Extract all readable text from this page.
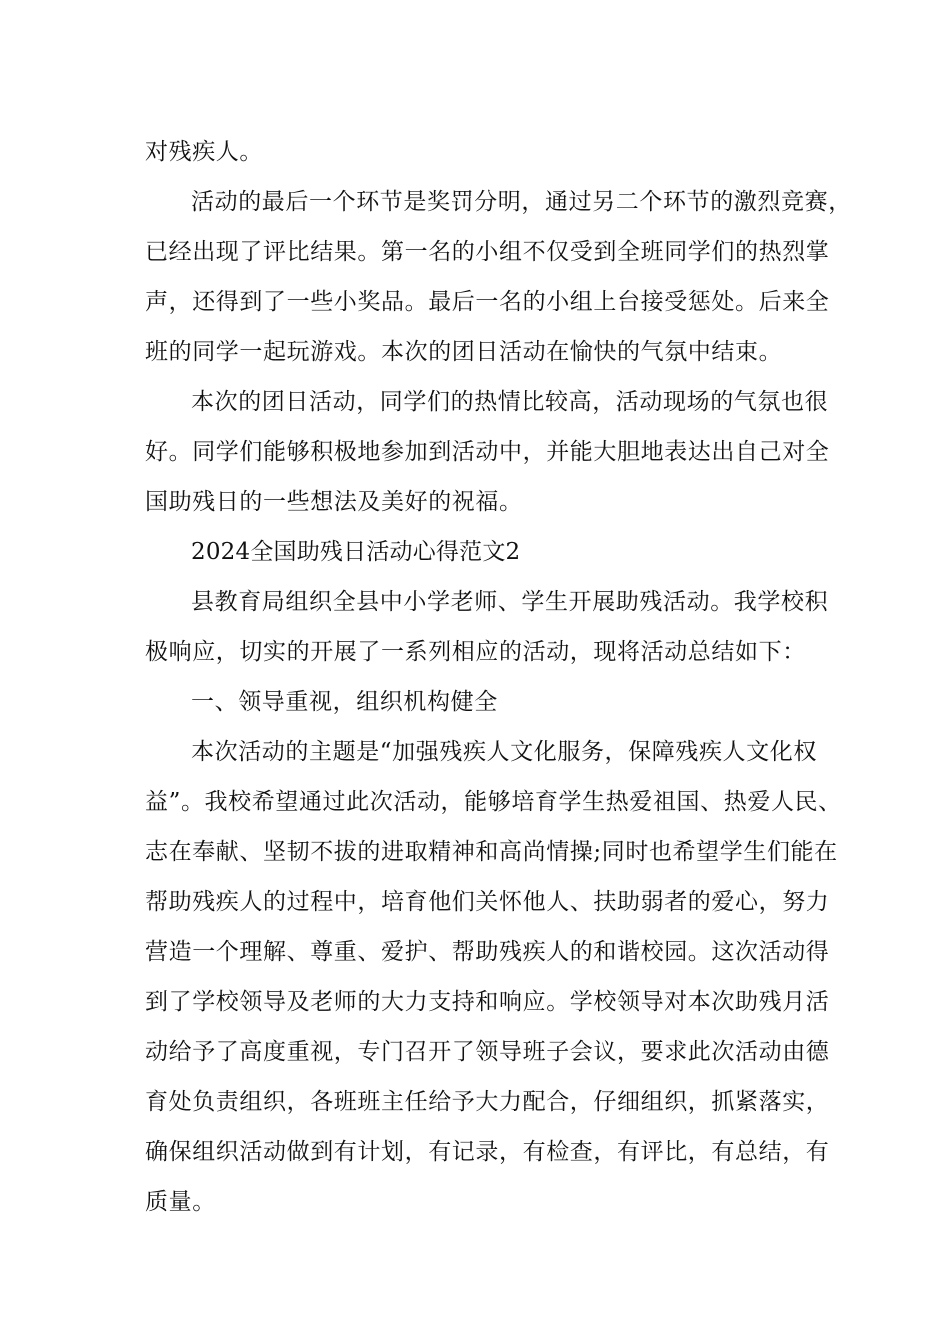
对残疾人。
活动的最后一个环节是奖罚分明，通过另二个环节的激烈竞赛，
已经出现了评比结果。第一名的小组不仅受到全班同学们的热烈掌
声，还得到了一些小奖品。最后一名的小组上台接受惩处。后来全
班的同学一起玩游戏。本次的团日活动在愉快的气氛中结束。
本次的团日活动，同学们的热情比较高，活动现场的气氛也很
好。同学们能够积极地参加到活动中，并能大胆地表达出自己对全
国助残日的一些想法及美好的祝福。
2024全国助残日活动心得范文2
县教育局组织全县中小学老师、学生开展助残活动。我学校积
极响应，切实的开展了一系列相应的活动，现将活动总结如下：
一、领导重视，组织机构健全
本次活动的主题是“加强残疾人文化服务，保障残疾人文化权
益”。我校希望通过此次活动，能够培育学生热爱祖国、热爱人民、
志在奉献、坚韧不拔的进取精神和高尚情操;同时也希望学生们能在
帮助残疾人的过程中，培育他们关怀他人、扶助弱者的爱心，努力
营造一个理解、尊重、爱护、帮助残疾人的和谐校园。这次活动得
到了学校领导及老师的大力支持和响应。学校领导对本次助残月活
动给予了高度重视，专门召开了领导班子会议，要求此次活动由德
育处负责组织，各班班主任给予大力配合，仔细组织，抓紧落实，
确保组织活动做到有计划，有记录，有检查，有评比，有总结，有
质量。
